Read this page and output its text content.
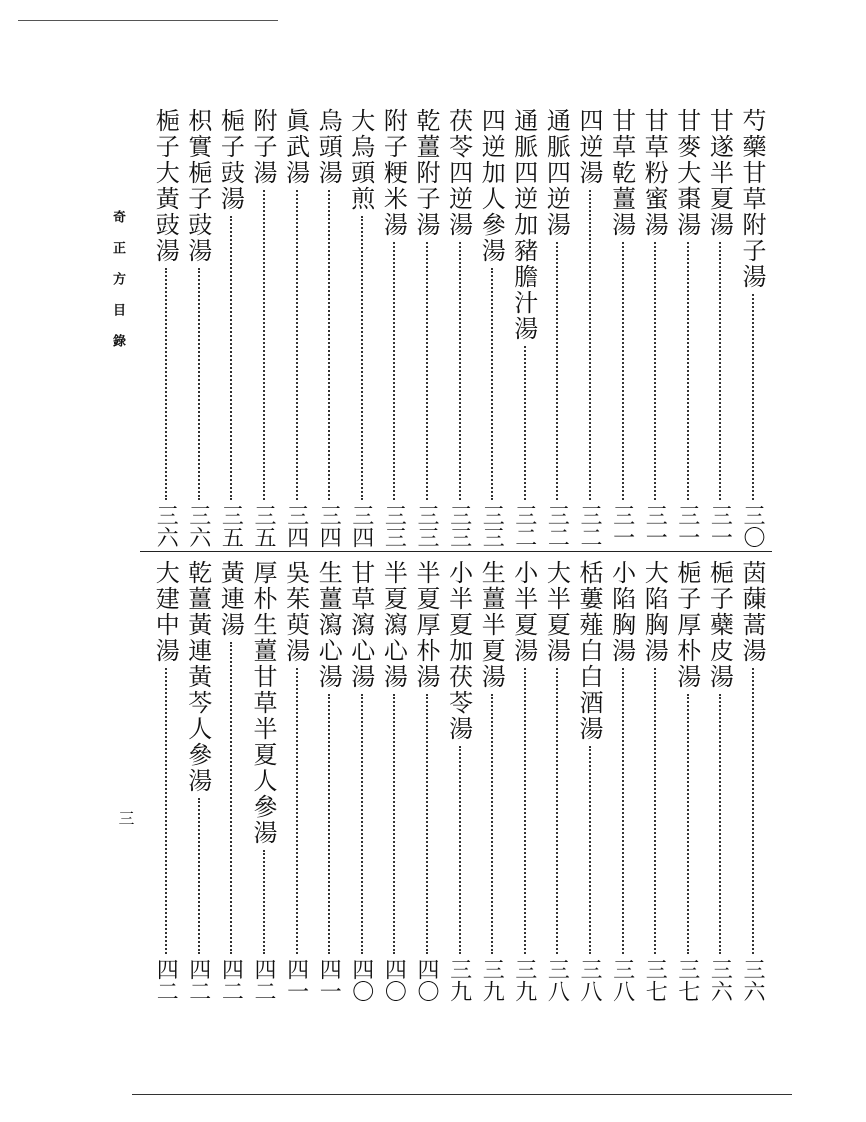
奇正方目錄
三
芍藥甘草附子湯
三〇
甘遂半夏湯
三一
甘麥大棗湯
三一
甘草粉蜜湯
三一
甘草乾薑湯
三一
四逆湯
三二
通脈四逆湯
三二
通脈四逆加豬膽汁湯
三二
四逆加人參湯
三三
茯苓四逆湯
三三
乾薑附子湯
三三
附子粳米湯
三三
大烏頭煎
三四
烏頭湯
三四
眞武湯
三四
附子湯
三五
梔子豉湯
三五
枳實梔子豉湯
三六
梔子大黃豉湯
三六
茵蔯蒿湯
三六
梔子蘗皮湯
三六
梔子厚朴湯
三七
大陷胸湯
三七
小陷胸湯
三八
栝蔞薤白白酒湯
三八
大半夏湯
三八
小半夏湯
三九
生薑半夏湯
三九
小半夏加茯苓湯
三九
半夏厚朴湯
四〇
半夏瀉心湯
四〇
甘草瀉心湯
四〇
生薑瀉心湯
四一
吳茱萸湯
四一
厚朴生薑甘草半夏人參湯
四二
黃連湯
四二
乾薑黃連黃芩人參湯
四二
大建中湯
四二
